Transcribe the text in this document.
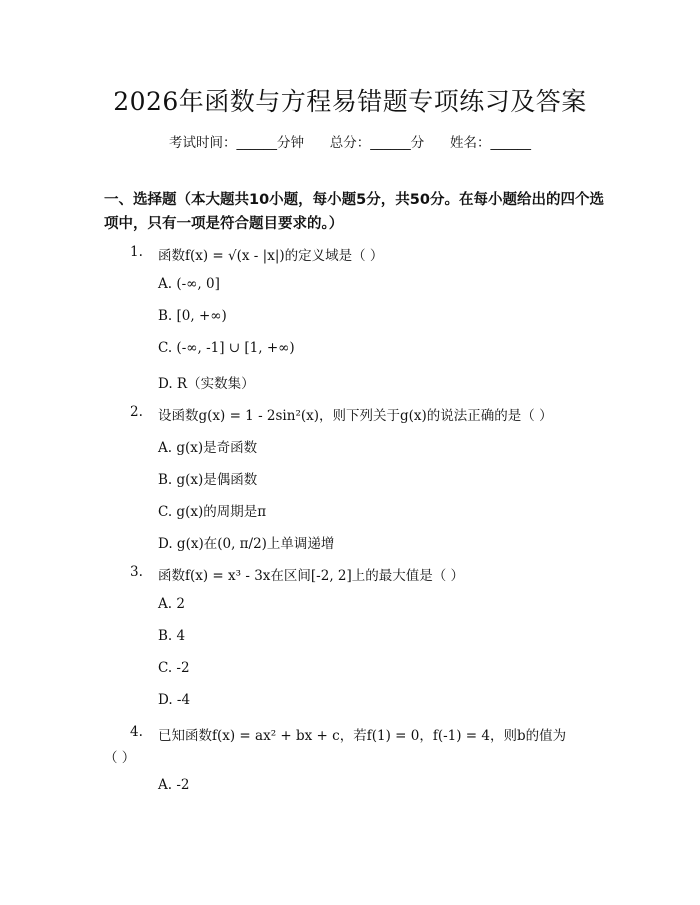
2026年函数与方程易错题专项练习及答案
考试时间：______分钟 总分：______分 姓名：______
一、选择题（本大题共10小题，每小题5分，共50分。在每小题给出的四个选项中，只有一项是符合题目要求的。）
1. 函数f(x) = √(x - |x|)的定义域是（ ）
A. (-∞, 0]
B. [0, +∞)
C. (-∞, -1] ∪ [1, +∞)
D. R（实数集）
2. 设函数g(x) = 1 - 2sin²(x)，则下列关于g(x)的说法正确的是（ ）
A. g(x)是奇函数
B. g(x)是偶函数
C. g(x)的周期是π
D. g(x)在(0, π/2)上单调递增
3. 函数f(x) = x³ - 3x在区间[-2, 2]上的最大值是（ ）
A. 2
B. 4
C. -2
D. -4
4. 已知函数f(x) = ax² + bx + c，若f(1) = 0，f(-1) = 4，则b的值为
（ ）
A. -2
